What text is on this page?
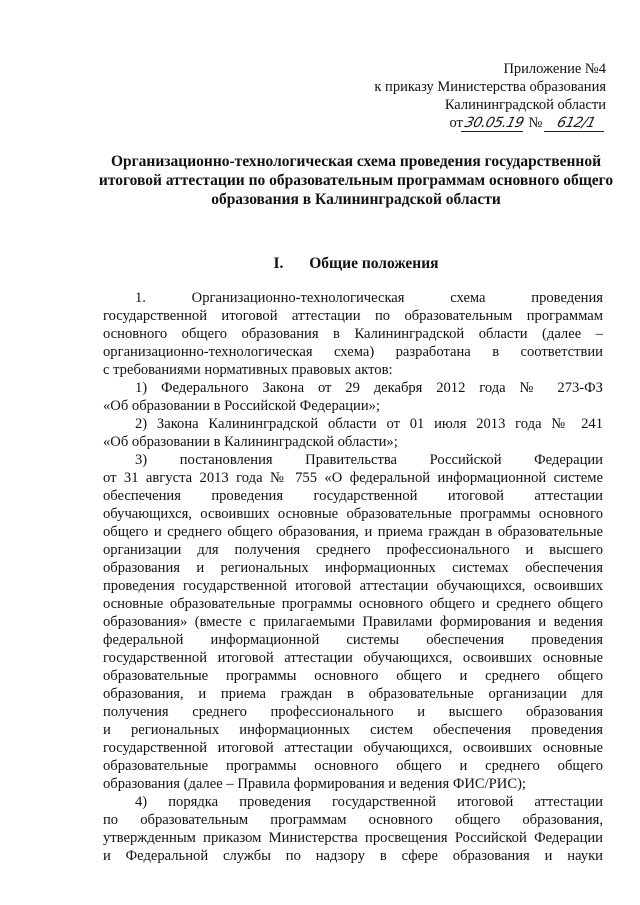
Приложение №4
к приказу Министерства образования
Калининградской области
от30.05.19 № 612/1
Организационно-технологическая схема проведения государственной
итоговой аттестации по образовательным программам основного общего
образования в Калининградской области
I. Общие положения
1. Организационно-технологическая схема проведения
государственной итоговой аттестации по образовательным программам
основного общего образования в Калининградской области (далее –
организационно-технологическая схема) разработана в соответствии
с требованиями нормативных правовых актов:
1) Федерального Закона от 29 декабря 2012 года № 273-ФЗ
«Об образовании в Российской Федерации»;
2) Закона Калининградской области от 01 июля 2013 года № 241
«Об образовании в Калининградской области»;
3) постановления Правительства Российской Федерации
от 31 августа 2013 года № 755 «О федеральной информационной системе
обеспечения проведения государственной итоговой аттестации
обучающихся, освоивших основные образовательные программы основного
общего и среднего общего образования, и приема граждан в образовательные
организации для получения среднего профессионального и высшего
образования и региональных информационных системах обеспечения
проведения государственной итоговой аттестации обучающихся, освоивших
основные образовательные программы основного общего и среднего общего
образования» (вместе с прилагаемыми Правилами формирования и ведения
федеральной информационной системы обеспечения проведения
государственной итоговой аттестации обучающихся, освоивших основные
образовательные программы основного общего и среднего общего
образования, и приема граждан в образовательные организации для
получения среднего профессионального и высшего образования
и региональных информационных систем обеспечения проведения
государственной итоговой аттестации обучающихся, освоивших основные
образовательные программы основного общего и среднего общего
образования (далее – Правила формирования и ведения ФИС/РИС);
4) порядка проведения государственной итоговой аттестации
по образовательным программам основного общего образования,
утвержденным приказом Министерства просвещения Российской Федерации
и Федеральной службы по надзору в сфере образования и науки
